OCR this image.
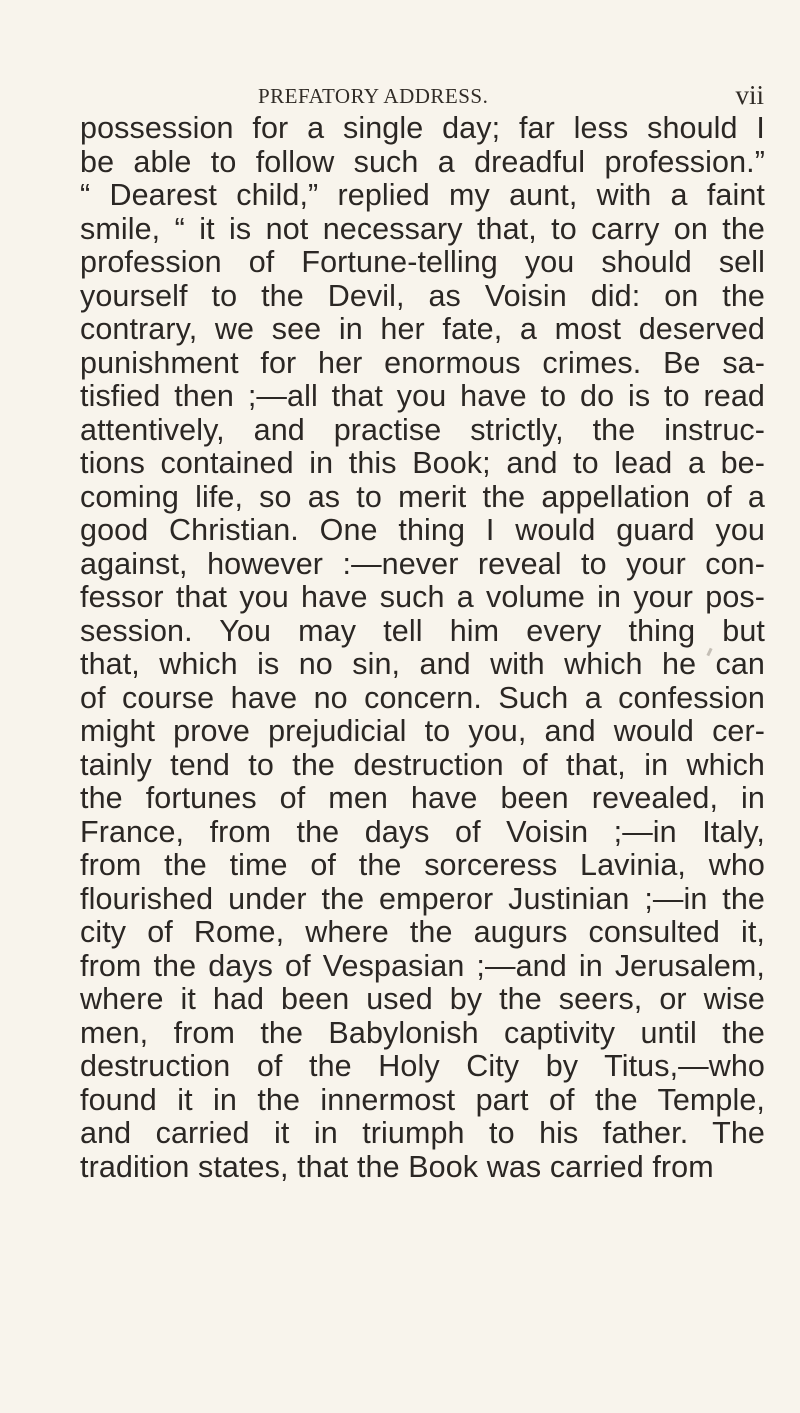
PREFATORY ADDRESS.	vii
possession for a single day; far less should I
be able to follow such a dreadful profession.”
“ Dearest child,” replied my aunt, with a faint
smile, “ it is not necessary that, to carry on the
profession of Fortune-telling you should sell
yourself to the Devil, as Voisin did: on the
contrary, we see in her fate, a most deserved
punishment for her enormous crimes. Be sa-
tisfied then ;—all that you have to do is to read
attentively, and practise strictly, the instruc-
tions contained in this Book; and to lead a be-
coming life, so as to merit the appellation of a
good Christian. One thing I would guard you
against, however :—never reveal to your con-
fessor that you have such a volume in your pos-
session. You may tell him every thing but
that, which is no sin, and with which he can
of course have no concern. Such a confession
might prove prejudicial to you, and would cer-
tainly tend to the destruction of that, in which
the fortunes of men have been revealed, in
France, from the days of Voisin ;—in Italy,
from the time of the sorceress Lavinia, who
flourished under the emperor Justinian ;—in the
city of Rome, where the augurs consulted it,
from the days of Vespasian ;—and in Jerusalem,
where it had been used by the seers, or wise
men, from the Babylonish captivity until the
destruction of the Holy City by Titus,—who
found it in the innermost part of the Temple,
and carried it in triumph to his father. The
tradition states, that the Book was carried from
